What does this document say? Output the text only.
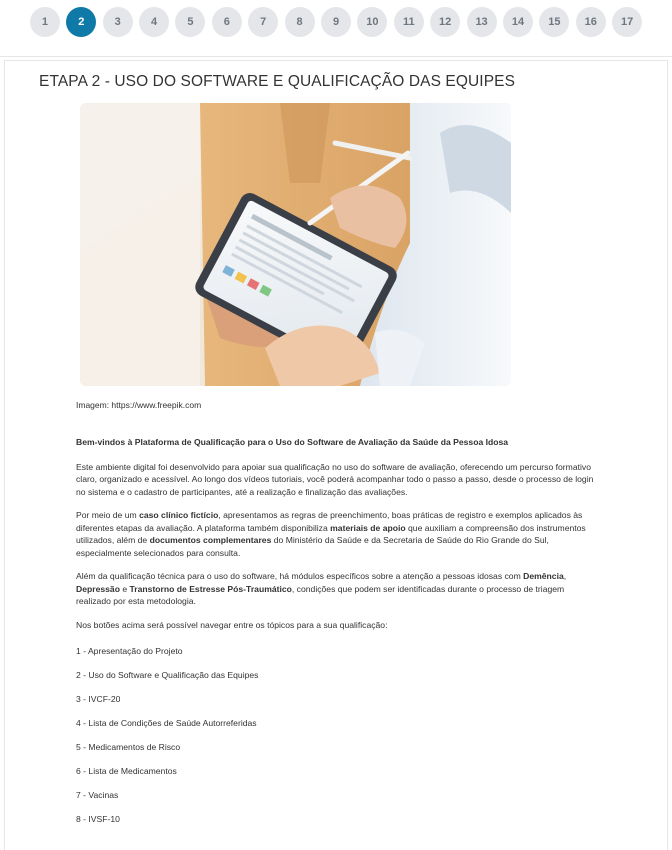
1	2	3	4	5	6	7	8	9	10	11	12	13	14	15	16	17
ETAPA 2 - USO DO SOFTWARE E QUALIFICAÇÃO DAS EQUIPES
Imagem: https://www.freepik.com

Bem-vindos à Plataforma de Qualificação para o Uso do Software de Avaliação da Saúde da Pessoa Idosa

Este ambiente digital foi desenvolvido para apoiar sua qualificação no uso do software de avaliação, oferecendo um percurso formativo claro, organizado e acessível. Ao longo dos vídeos tutoriais, você poderá acompanhar todo o passo a passo, desde o processo de login no sistema e o cadastro de participantes, até a realização e finalização das avaliações.

Por meio de um caso clínico fictício, apresentamos as regras de preenchimento, boas práticas de registro e exemplos aplicados às diferentes etapas da avaliação. A plataforma também disponibiliza materiais de apoio que auxiliam a compreensão dos instrumentos utilizados, além de documentos complementares do Ministério da Saúde e da Secretaria de Saúde do Rio Grande do Sul, especialmente selecionados para consulta.

Além da qualificação técnica para o uso do software, há módulos específicos sobre a atenção a pessoas idosas com Demência, Depressão e Transtorno de Estresse Pós-Traumático, condições que podem ser identificadas durante o processo de triagem realizado por esta metodologia.

Nos botões acima será possível navegar entre os tópicos para a sua qualificação:

1 - Apresentação do Projeto
2 - Uso do Software e Qualificação das Equipes
3 - IVCF-20
4 - Lista de Condições de Saúde Autorreferidas
5 - Medicamentos de Risco
6 - Lista de Medicamentos
7 - Vacinas
8 - IVSF-10
